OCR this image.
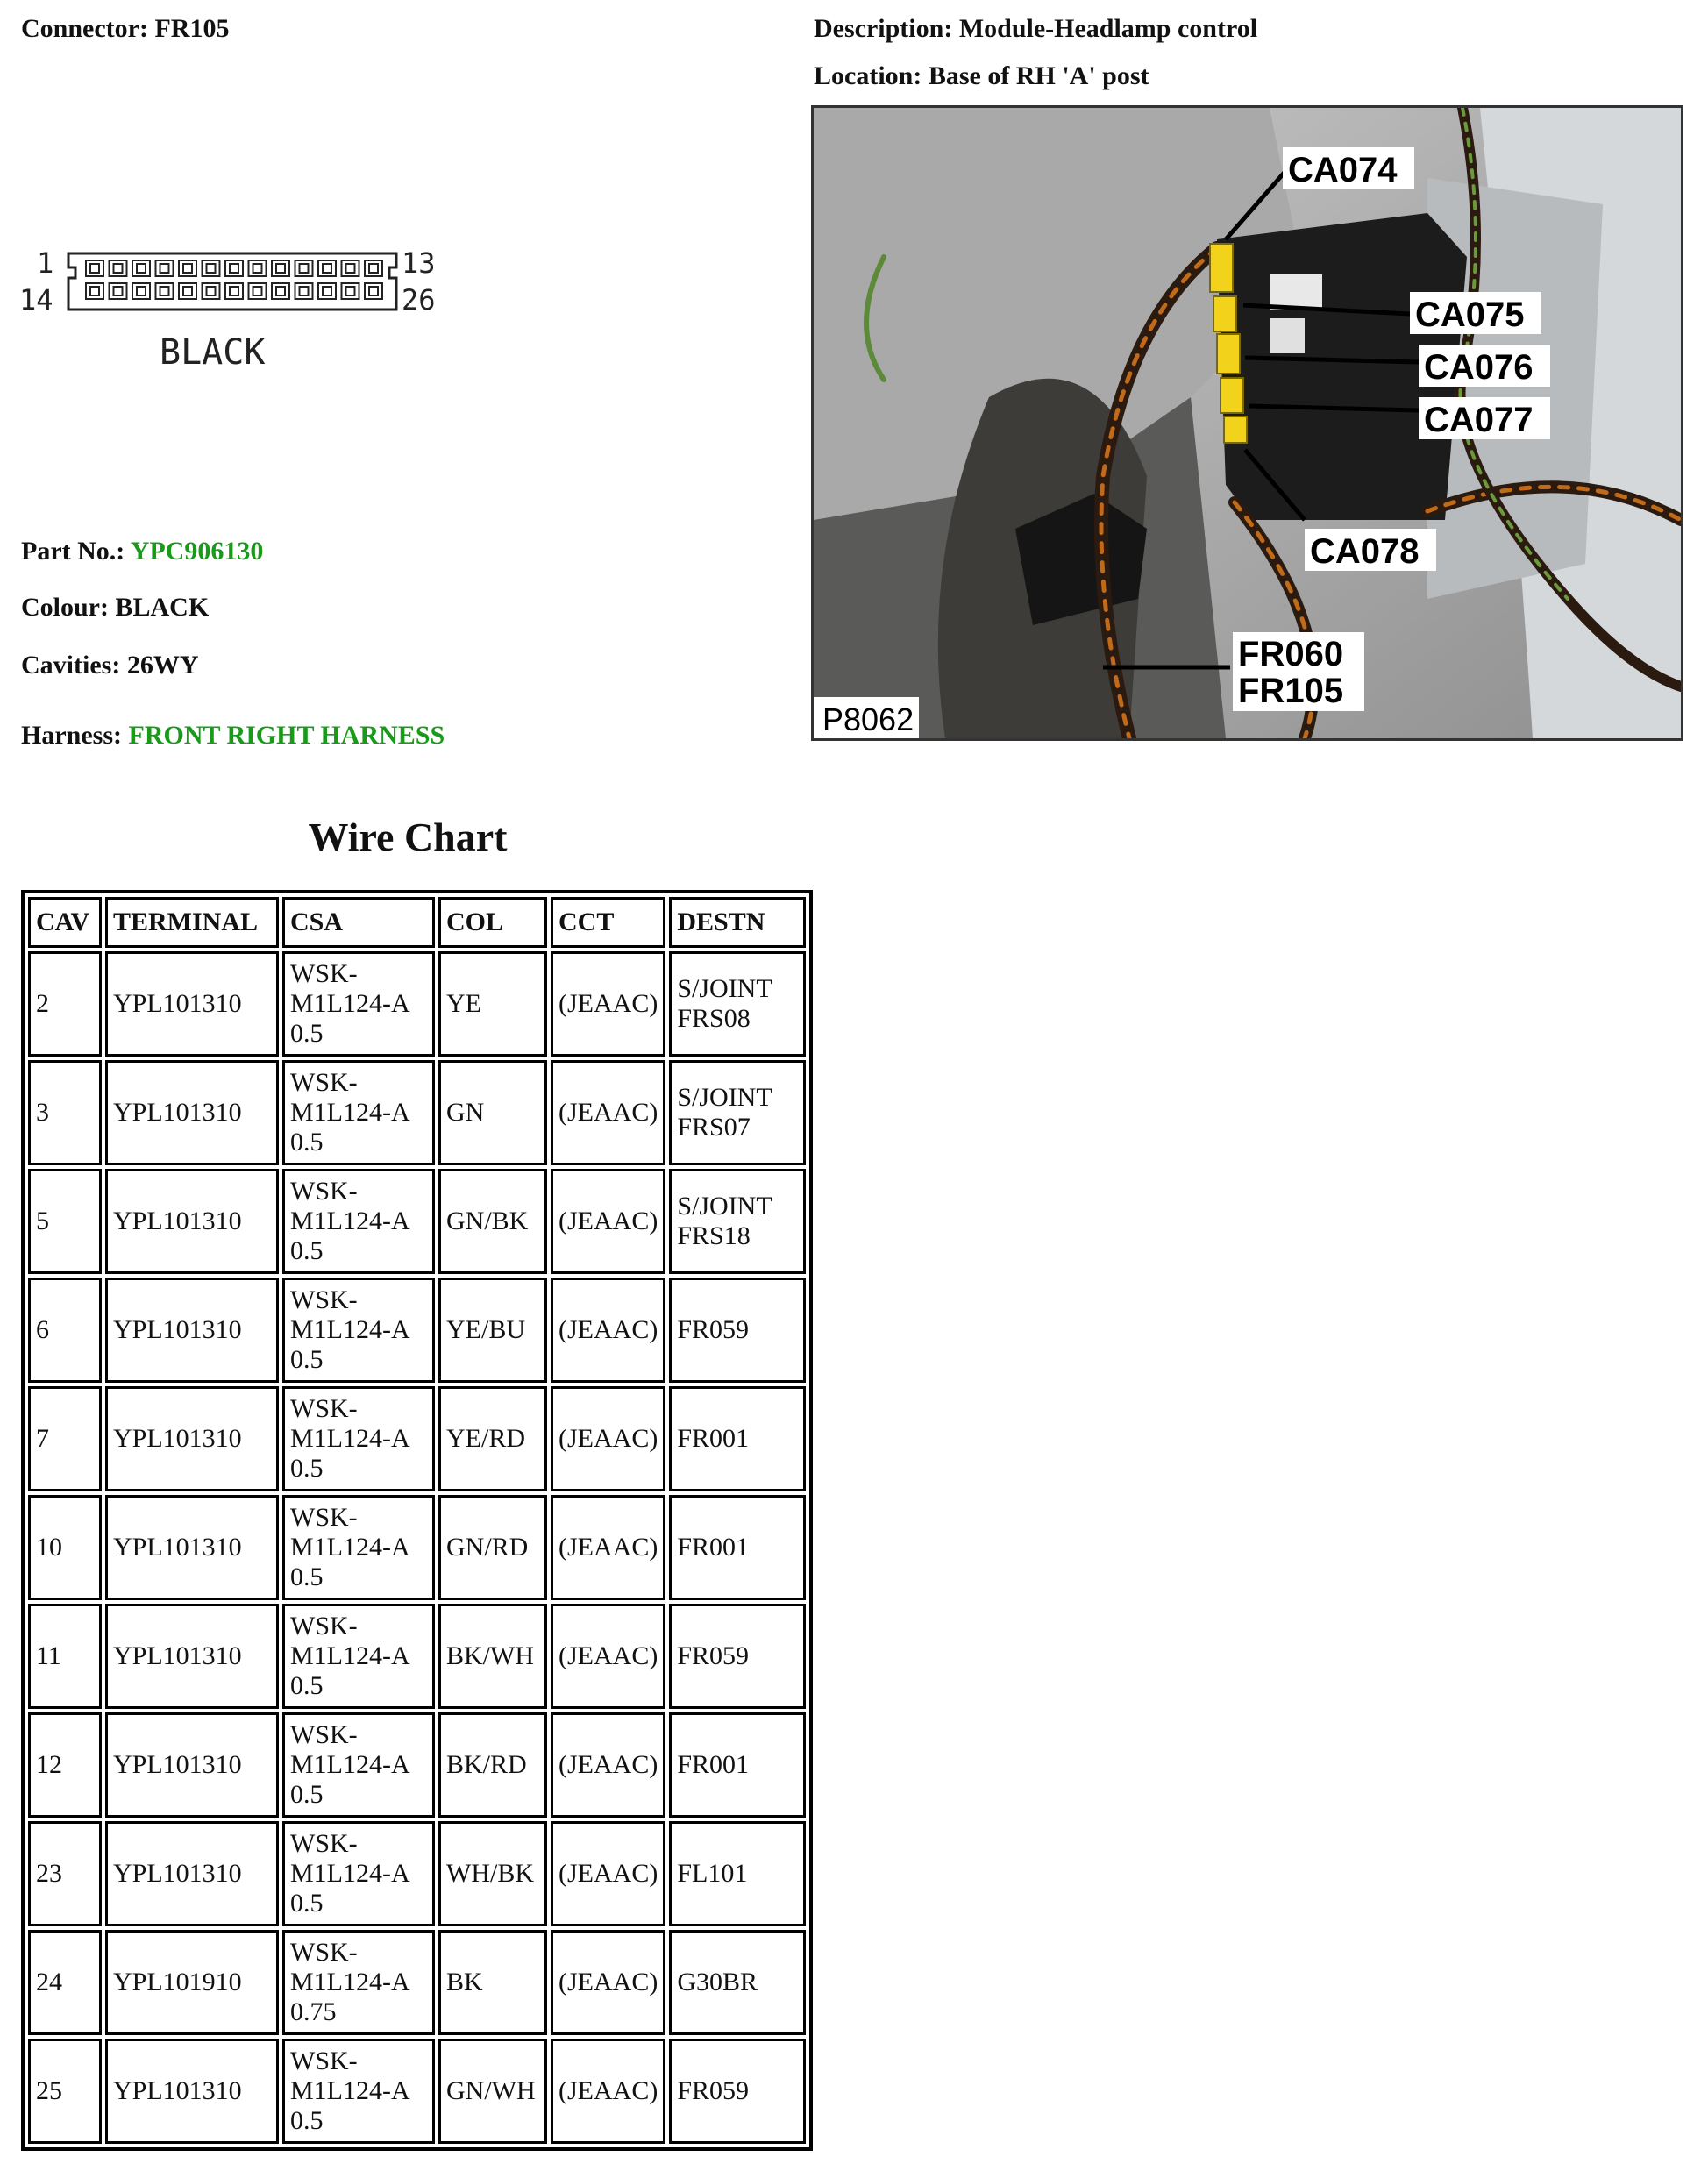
Connector: FR105	Description: Module-Headlamp control
Location: Base of RH 'A' post
1
14
13
26
BLACK
Part No.: YPC906130
Colour: BLACK
Cavities: 26WY
Harness: FRONT RIGHT HARNESS
CA074
CA075
CA076
CA077
CA078
FR060
FR105
P8062
Wire Chart
CAV	TERMINAL	CSA	COL	CCT	DESTN
2	YPL101310	WSK-
M1L124-A
0.5	YE	(JEAAC)	S/JOINT
FRS08
3	YPL101310	WSK-
M1L124-A
0.5	GN	(JEAAC)	S/JOINT
FRS07
5	YPL101310	WSK-
M1L124-A
0.5	GN/BK	(JEAAC)	S/JOINT
FRS18
6	YPL101310	WSK-
M1L124-A
0.5	YE/BU	(JEAAC)	FR059
7	YPL101310	WSK-
M1L124-A
0.5	YE/RD	(JEAAC)	FR001
10	YPL101310	WSK-
M1L124-A
0.5	GN/RD	(JEAAC)	FR001
11	YPL101310	WSK-
M1L124-A
0.5	BK/WH	(JEAAC)	FR059
12	YPL101310	WSK-
M1L124-A
0.5	BK/RD	(JEAAC)	FR001
23	YPL101310	WSK-
M1L124-A
0.5	WH/BK	(JEAAC)	FL101
24	YPL101910	WSK-
M1L124-A
0.75	BK	(JEAAC)	G30BR
25	YPL101310	WSK-
M1L124-A
0.5	GN/WH	(JEAAC)	FR059
